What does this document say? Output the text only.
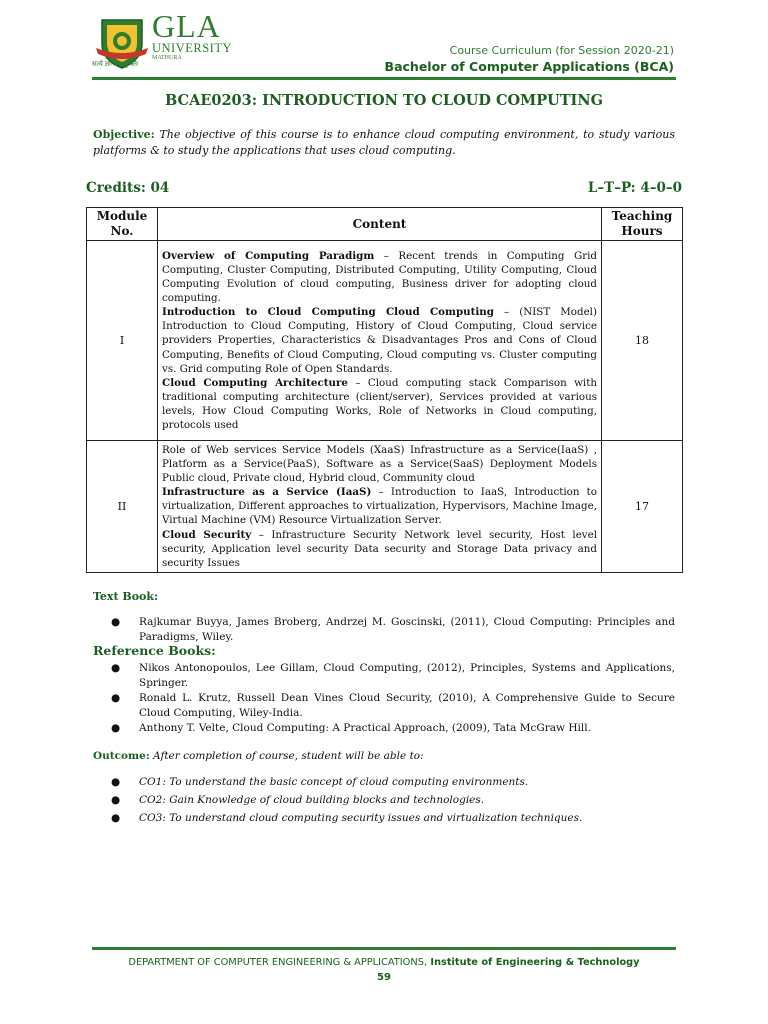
GLA
UNIVERSITY
MATHURA
सत्ये ज्ञानस्य मुक्तिः
Course Curriculum (for Session 2020-21)
Bachelor of Computer Applications (BCA)
BCAE0203: INTRODUCTION TO CLOUD COMPUTING
Objective: The objective of this course is to enhance cloud computing environment, to study various platforms & to study the applications that uses cloud computing.
Credits: 04	L–T–P: 4–0–0
Module No.	Content	Teaching Hours
I	Overview of Computing Paradigm – Recent trends in Computing Grid Computing, Cluster Computing, Distributed Computing, Utility Computing, Cloud Computing Evolution of cloud computing, Business driver for adopting cloud computing.

Introduction to Cloud Computing Cloud Computing – (NIST Model) Introduction to Cloud Computing, History of Cloud Computing, Cloud service providers Properties, Characteristics & Disadvantages Pros and Cons of Cloud Computing, Benefits of Cloud Computing, Cloud computing vs. Cluster computing vs. Grid computing Role of Open Standards.

Cloud Computing Architecture – Cloud computing stack Comparison with traditional computing architecture (client/server), Services provided at various levels, How Cloud Computing Works, Role of Networks in Cloud computing, protocols used	18
II	Role of Web services Service Models (XaaS) Infrastructure as a Service(IaaS) , Platform as a Service(PaaS), Software as a Service(SaaS) Deployment Models Public cloud, Private cloud, Hybrid cloud, Community cloud

Infrastructure as a Service (IaaS) – Introduction to IaaS, Introduction to virtualization, Different approaches to virtualization, Hypervisors, Machine Image, Virtual Machine (VM) Resource Virtualization Server.

Cloud Security – Infrastructure Security Network level security, Host level security, Application level security Data security and Storage Data privacy and security Issues	17
Text Book:
● Rajkumar Buyya, James Broberg, Andrzej M. Goscinski, (2011), Cloud Computing: Principles and Paradigms, Wiley.
Reference Books:
● Nikos Antonopoulos, Lee Gillam, Cloud Computing, (2012), Principles, Systems and Applications, Springer.
● Ronald L. Krutz, Russell Dean Vines Cloud Security, (2010), A Comprehensive Guide to Secure Cloud Computing, Wiley-India.
● Anthony T. Velte, Cloud Computing: A Practical Approach, (2009), Tata McGraw Hill.
Outcome: After completion of course, student will be able to:
● CO1: To understand the basic concept of cloud computing environments.
● CO2: Gain Knowledge of cloud building blocks and technologies.
● CO3: To understand cloud computing security issues and virtualization techniques.
DEPARTMENT OF COMPUTER ENGINEERING & APPLICATIONS, Institute of Engineering & Technology
59
